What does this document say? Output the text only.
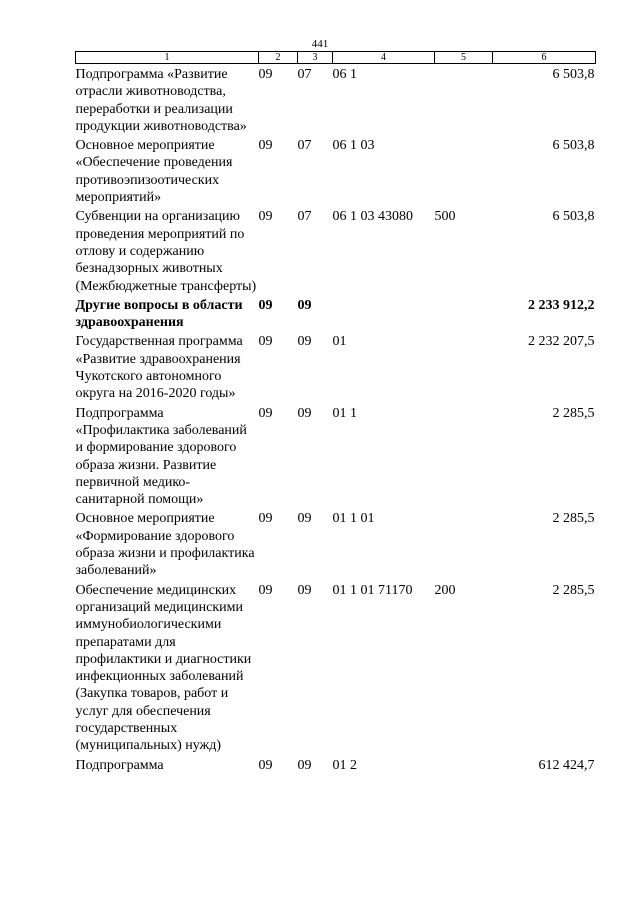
441
1	2	3	4	5	6
Подпрограмма «Развитие отрасли животноводства, переработки и реализации продукции животноводства»	09	07	06 1		6 503,8
Основное мероприятие «Обеспечение проведения противоэпизоотических мероприятий»	09	07	06 1 03		6 503,8
Субвенции на организацию проведения мероприятий по отлову и содержанию безнадзорных животных (Межбюджетные трансферты)	09	07	06 1 03 43080	500	6 503,8
Другие вопросы в области здравоохранения	09	09			2 233 912,2
Государственная программа «Развитие здравоохранения Чукотского автономного округа на 2016-2020 годы»	09	09	01		2 232 207,5
Подпрограмма «Профилактика заболеваний и формирование здорового образа жизни. Развитие первичной медико-санитарной помощи»	09	09	01 1		2 285,5
Основное мероприятие «Формирование здорового образа жизни и профилактика заболеваний»	09	09	01 1 01		2 285,5
Обеспечение медицинских организаций медицинскими иммунобиологическими препаратами для профилактики и диагностики инфекционных заболеваний (Закупка товаров, работ и услуг для обеспечения государственных (муниципальных) нужд)	09	09	01 1 01 71170	200	2 285,5
Подпрограмма	09	09	01 2		612 424,7
